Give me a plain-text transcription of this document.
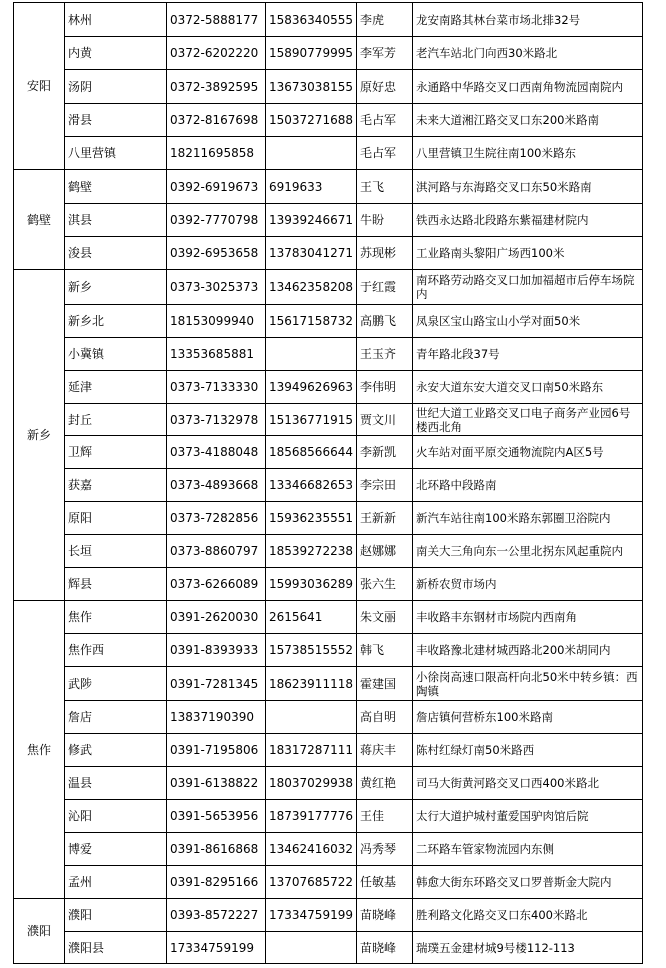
安阳	林州	0372-5888177	15836340555	李虎	龙安南路其林台菜市场北排32号
	内黄	0372-6202220	15890779995	李军芳	老汽车站北门向西30米路北
	汤阴	0372-3892595	13673038155	原好忠	永通路中华路交叉口西南角物流园南院内
	滑县	0372-8167698	15037271688	毛占军	未来大道湘江路交叉口东200米路南
	八里营镇	18211695858		毛占军	八里营镇卫生院往南100米路东
鹤壁	鹤壁	0392-6919673	6919633	王飞	淇河路与东海路交叉口东50米路南
	淇县	0392-7770798	13939246671	牛盼	铁西永达路北段路东紫福建材院内
	浚县	0392-6953658	13783041271	苏现彬	工业路南头黎阳广场西100米
新乡	新乡	0373-3025373	13462358208	于红霞	南环路劳动路交叉口加加福超市后停车场院内
	新乡北	18153099940	15617158732	高鹏飞	凤泉区宝山路宝山小学对面50米
	小冀镇	13353685881		王玉齐	青年路北段37号
	延津	0373-7133330	13949626963	李伟明	永安大道东安大道交叉口南50米路东
	封丘	0373-7132978	15136771915	贾文川	世纪大道工业路交叉口电子商务产业园6号楼西北角
	卫辉	0373-4188048	18568566644	李新凯	火车站对面平原交通物流院内A区5号
	获嘉	0373-4893668	13346682653	李宗田	北环路中段路南
	原阳	0373-7282856	15936235551	王新新	新汽车站往南100米路东郭圈卫浴院内
	长垣	0373-8860797	18539272238	赵娜娜	南关大三角向东一公里北拐东风起重院内
	辉县	0373-6266089	15993036289	张六生	新桥农贸市场内
焦作	焦作	0391-2620030	2615641	朱文丽	丰收路丰东钢材市场院内西南角
	焦作西	0391-8393933	15738515552	韩飞	丰收路豫北建材城西路北200米胡同内
	武陟	0391-7281345	18623911118	霍建国	小徐岗高速口限高杆向北50米中转乡镇：西陶镇
	詹店	13837190390		高自明	詹店镇何营桥东100米路南
	修武	0391-7195806	18317287111	蒋庆丰	陈村红绿灯南50米路西
	温县	0391-6138822	18037029938	黄红艳	司马大街黄河路交叉口西400米路北
	沁阳	0391-5653956	18739177776	王佳	太行大道护城村董爱国驴肉馆后院
	博爱	0391-8616868	13462416032	冯秀琴	二环路车管家物流园内东侧
	孟州	0391-8295166	13707685722	任敏基	韩愈大街东环路交叉口罗普斯金大院内
濮阳	濮阳	0393-8572227	17334759199	苗晓峰	胜利路文化路交叉口东400米路北
	濮阳县	17334759199		苗晓峰	瑞璞五金建材城9号楼112-113
